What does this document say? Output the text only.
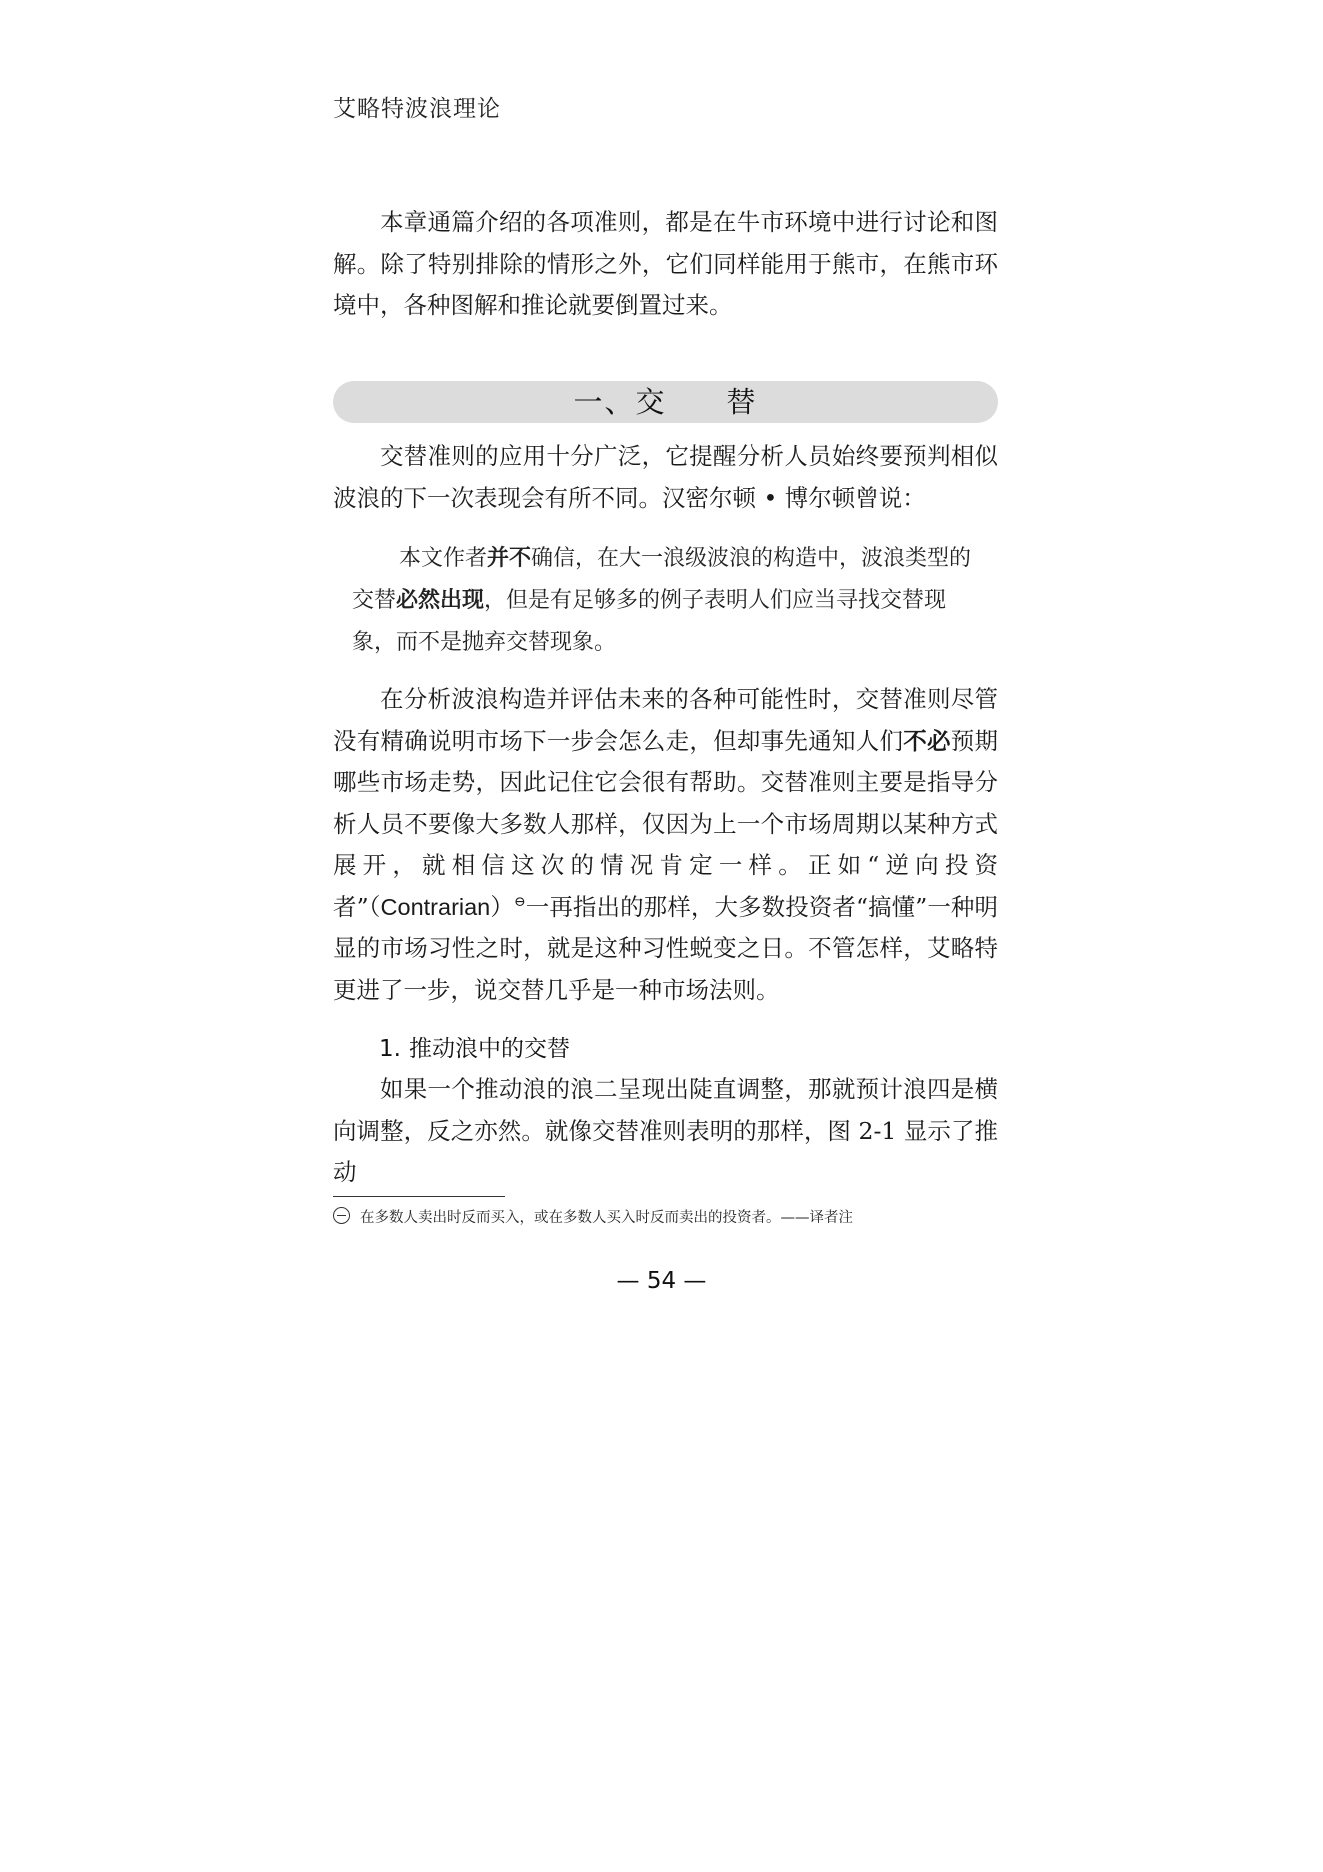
艾略特波浪理论

本章通篇介绍的各项准则，都是在牛市环境中进行讨论和图解。除了特别排除的情形之外，它们同样能用于熊市，在熊市环境中，各种图解和推论就要倒置过来。

一、交 替

交替准则的应用十分广泛，它提醒分析人员始终要预判相似波浪的下一次表现会有所不同。汉密尔顿 • 博尔顿曾说：

本文作者并不确信，在大一浪级波浪的构造中，波浪类型的交替必然出现，但是有足够多的例子表明人们应当寻找交替现象，而不是抛弃交替现象。

在分析波浪构造并评估未来的各种可能性时，交替准则尽管没有精确说明市场下一步会怎么走，但却事先通知人们不必预期哪些市场走势，因此记住它会很有帮助。交替准则主要是指导分析人员不要像大多数人那样，仅因为上一个市场周期以某种方式展开，就相信这次的情况肯定一样。正如“逆向投资者”（Contrarian）⊖一再指出的那样，大多数投资者“搞懂”一种明显的市场习性之时，就是这种习性蜕变之日。不管怎样，艾略特更进了一步，说交替几乎是一种市场法则。

1. 推动浪中的交替

如果一个推动浪的浪二呈现出陡直调整，那就预计浪四是横向调整，反之亦然。就像交替准则表明的那样，图 2-1 显示了推动

在多数人卖出时反而买入，或在多数人买入时反而卖出的投资者。——译者注
— 54 —
